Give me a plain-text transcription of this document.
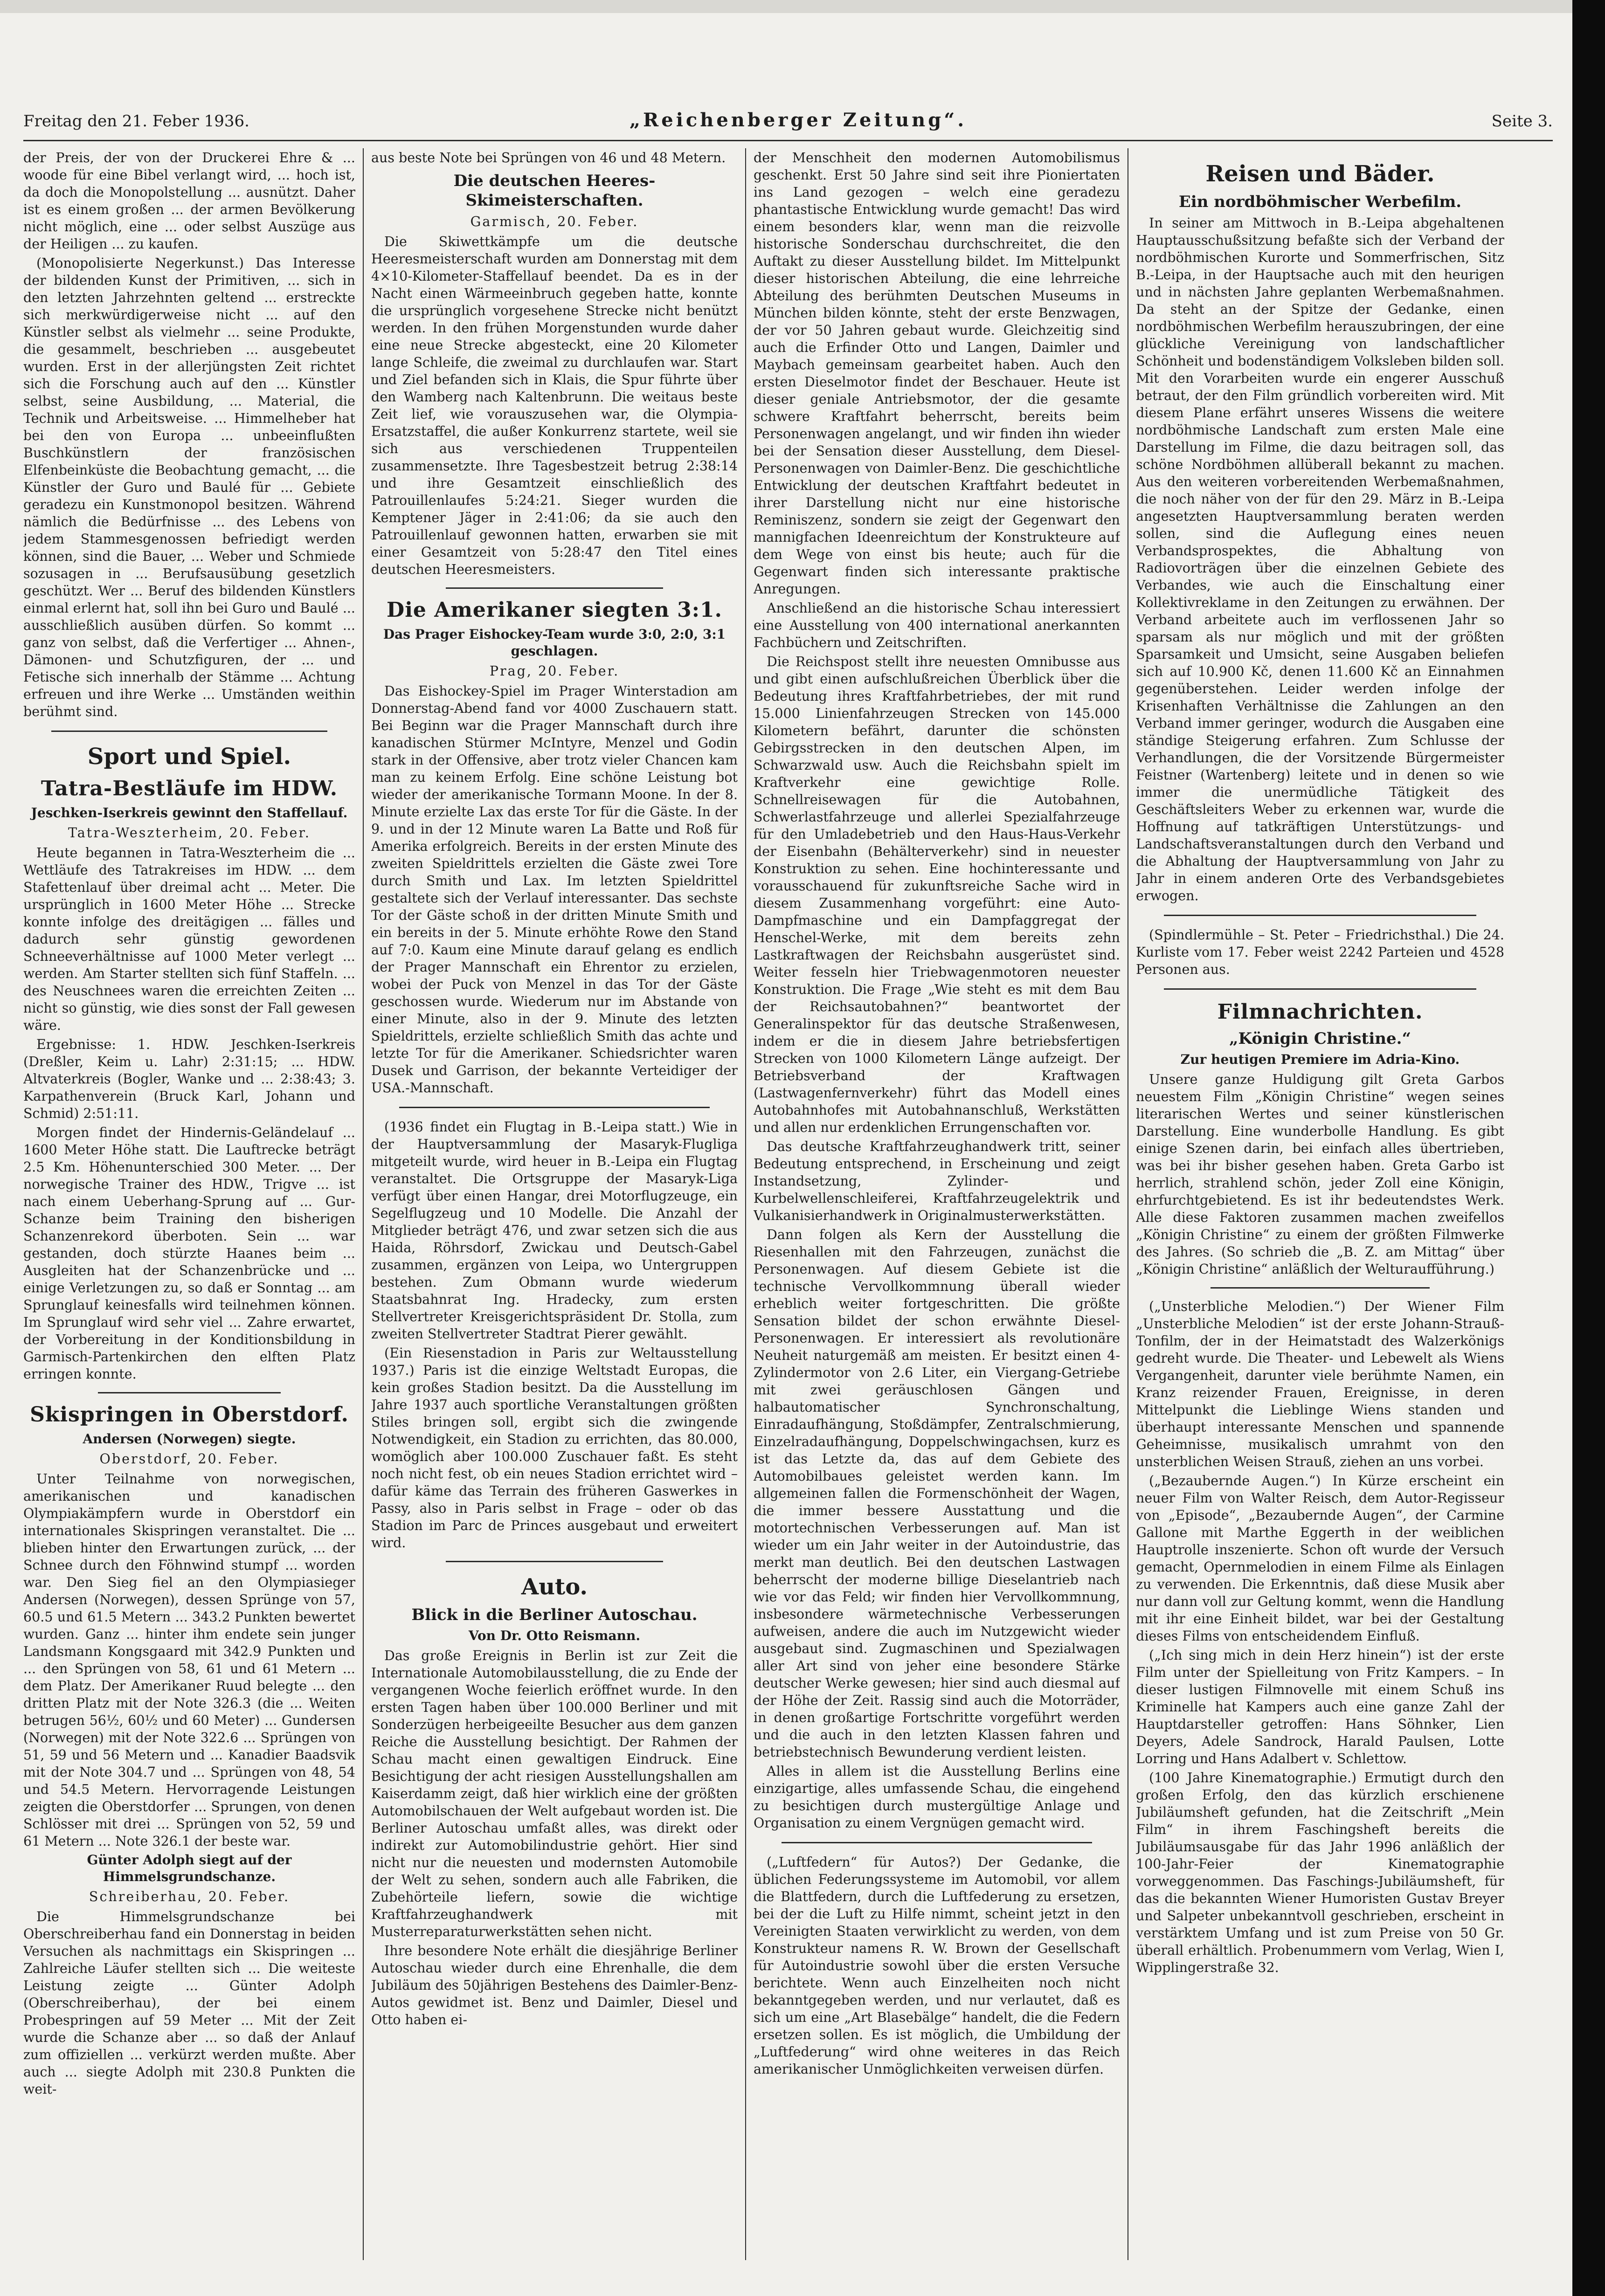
Freitag den 21. Feber 1936.	„Reichenberger Zeitung“.	Seite 3.

der Preis, der von der Druckerei Ehre & ... woode für eine Bibel verlangt wird, ... hoch ist, da doch die Monopolstellung ... ausnützt. Daher ist es einem großen ... der armen Bevölkerung nicht möglich, eine ... oder selbst Auszüge aus der Heiligen ... zu kaufen.

(Monopolisierte Negerkunst.) Das Interesse der bildenden Kunst der Primitiven, ... sich in den letzten Jahrzehnten geltend ... erstreckte sich merkwürdigerweise nicht ... auf den Künstler selbst als vielmehr ... seine Produkte, die gesammelt, beschrieben ... ausgebeutet wurden. Erst in der allerjüngsten Zeit richtet sich die Forschung auch auf den ... Künstler selbst, seine Ausbildung, ... Material, die Technik und Arbeitsweise. ... Himmelheber hat bei den von Europa ... unbeeinflußten Buschkünstlern der französischen Elfenbeinküste die Beobachtung gemacht, ... die Künstler der Guro und Baulé für ... Gebiete geradezu ein Kunstmonopol besitzen. Während nämlich die Bedürfnisse ... des Lebens von jedem Stammesgenossen befriedigt werden können, sind die Bauer, ... Weber und Schmiede sozusagen in ... Berufsausübung gesetzlich geschützt. Wer ... Beruf des bildenden Künstlers einmal erlernt hat, soll ihn bei Guro und Baulé ... ausschließlich ausüben dürfen. So kommt ... ganz von selbst, daß die Verfertiger ... Ahnen-, Dämonen- und Schutzfiguren, der ... und Fetische sich innerhalb der Stämme ... Achtung erfreuen und ihre Werke ... Umständen weithin berühmt sind.

Sport und Spiel.
Tatra-Bestläufe im HDW.
Jeschken-Iserkreis gewinnt den Staffellauf.
Tatra-Weszterheim, 20. Feber.

Heute begannen in Tatra-Weszterheim die ... Wettläufe des Tatrakreises im HDW. ... dem Stafettenlauf über dreimal acht ... Meter. Die ursprünglich in 1600 Meter Höhe ... Strecke konnte infolge des dreitägigen ... fälles und dadurch sehr günstig gewordenen Schneeverhältnisse auf 1000 Meter verlegt ... werden. Am Starter stellten sich fünf Staffeln. ... des Neuschnees waren die erreichten Zeiten ... nicht so günstig, wie dies sonst der Fall gewesen wäre.

Ergebnisse: 1. HDW. Jeschken-Iserkreis (Dreßler, Keim u. Lahr) 2:31:15; ... HDW. Altvaterkreis (Bogler, Wanke und ... 2:38:43; 3. Karpathenverein (Bruck Karl, Johann und Schmid) 2:51:11.

Morgen findet der Hindernis-Geländelauf ... 1600 Meter Höhe statt. Die Lauftrecke beträgt 2.5 Km. Höhenunterschied 300 Meter. ... Der norwegische Trainer des HDW., Trigve ... ist nach einem Ueberhang-Sprung auf ... Gur-Schanze beim Training den bisherigen Schanzenrekord überboten. Sein ... war gestanden, doch stürzte Haanes beim ... Ausgleiten hat der Schanzenbrücke und ... einige Verletzungen zu, so daß er Sonntag ... am Sprunglauf keinesfalls wird teilnehmen können. Im Sprunglauf wird sehr viel ... Zahre erwartet, der Vorbereitung in der Konditionsbildung in Garmisch-Partenkirchen den elften Platz erringen konnte.

Skispringen in Oberstdorf.
Andersen (Norwegen) siegte.
Oberstdorf, 20. Feber.

Unter Teilnahme von norwegischen, amerikanischen und kanadischen Olympiakämpfern wurde in Oberstdorf ein internationales Skispringen veranstaltet. Die ... blieben hinter den Erwartungen zurück, ... der Schnee durch den Föhnwind stumpf ... worden war. Den Sieg fiel an den Olympiasieger Andersen (Norwegen), dessen Sprünge von 57, 60.5 und 61.5 Metern ... 343.2 Punkten bewertet wurden. Ganz ... hinter ihm endete sein junger Landsmann Kongsgaard mit 342.9 Punkten und ... den Sprüngen von 58, 61 und 61 Metern ... dem Platz. Der Amerikaner Ruud belegte ... den dritten Platz mit der Note 326.3 (die ... Weiten betrugen 56½, 60½ und 60 Meter) ... Gundersen (Norwegen) mit der Note 322.6 ... Sprüngen von 51, 59 und 56 Metern und ... Kanadier Baadsvik mit der Note 304.7 und ... Sprüngen von 48, 54 und 54.5 Metern. Hervorragende Leistungen zeigten die Oberstdorfer ... Sprungen, von denen Schlösser mit drei ... Sprüngen von 52, 59 und 61 Metern ... Note 326.1 der beste war.

Günter Adolph siegt auf der Himmelsgrundschanze.
Schreiberhau, 20. Feber.

Die Himmelsgrundschanze bei Oberschreiberhau fand ein Donnerstag in beiden Versuchen als nachmittags ein Skispringen ... Zahlreiche Läufer stellten sich ... Die weiteste Leistung zeigte ... Günter Adolph (Oberschreiberhau), der bei einem Probespringen auf 59 Meter ... Mit der Zeit wurde die Schanze aber ... so daß der Anlauf zum offiziellen ... verkürzt werden mußte. Aber auch ... siegte Adolph mit 230.8 Punkten die weit-

aus beste Note bei Sprüngen von 46 und 48 Metern.

Die deutschen Heeres-Skimeisterschaften.
Garmisch, 20. Feber.

Die Skiwettkämpfe um die deutsche Heeresmeisterschaft wurden am Donnerstag mit dem 4×10-Kilometer-Staffellauf beendet. Da es in der Nacht einen Wärmeeinbruch gegeben hatte, konnte die ursprünglich vorgesehene Strecke nicht benützt werden. In den frühen Morgenstunden wurde daher eine neue Strecke abgesteckt, eine 20 Kilometer lange Schleife, die zweimal zu durchlaufen war. Start und Ziel befanden sich in Klais, die Spur führte über den Wamberg nach Kaltenbrunn. Die weitaus beste Zeit lief, wie vorauszusehen war, die Olympia-Ersatzstaffel, die außer Konkurrenz startete, weil sie sich aus verschiedenen Truppenteilen zusammensetzte. Ihre Tagesbestzeit betrug 2:38:14 und ihre Gesamtzeit einschließlich des Patrouillenlaufes 5:24:21. Sieger wurden die Kemptener Jäger in 2:41:06; da sie auch den Patrouillenlauf gewonnen hatten, erwarben sie mit einer Gesamtzeit von 5:28:47 den Titel eines deutschen Heeresmeisters.

Die Amerikaner siegten 3:1.
Das Prager Eishockey-Team wurde 3:0, 2:0, 3:1 geschlagen.
Prag, 20. Feber.

Das Eishockey-Spiel im Prager Winterstadion am Donnerstag-Abend fand vor 4000 Zuschauern statt. Bei Beginn war die Prager Mannschaft durch ihre kanadischen Stürmer McIntyre, Menzel und Godin stark in der Offensive, aber trotz vieler Chancen kam man zu keinem Erfolg. Eine schöne Leistung bot wieder der amerikanische Tormann Moone. In der 8. Minute erzielte Lax das erste Tor für die Gäste. In der 9. und in der 12 Minute waren La Batte und Roß für Amerika erfolgreich. Bereits in der ersten Minute des zweiten Spieldrittels erzielten die Gäste zwei Tore durch Smith und Lax. Im letzten Spieldrittel gestaltete sich der Verlauf interessanter. Das sechste Tor der Gäste schoß in der dritten Minute Smith und ein bereits in der 5. Minute erhöhte Rowe den Stand auf 7:0. Kaum eine Minute darauf gelang es endlich der Prager Mannschaft ein Ehrentor zu erzielen, wobei der Puck von Menzel in das Tor der Gäste geschossen wurde. Wiederum nur im Abstande von einer Minute, also in der 9. Minute des letzten Spieldrittels, erzielte schließlich Smith das achte und letzte Tor für die Amerikaner. Schiedsrichter waren Dusek und Garrison, der bekannte Verteidiger der USA.-Mannschaft.

(1936 findet ein Flugtag in B.-Leipa statt.) Wie in der Hauptversammlung der Masaryk-Flugliga mitgeteilt wurde, wird heuer in B.-Leipa ein Flugtag veranstaltet. Die Ortsgruppe der Masaryk-Liga verfügt über einen Hangar, drei Motorflugzeuge, ein Segelflugzeug und 10 Modelle. Die Anzahl der Mitglieder beträgt 476, und zwar setzen sich die aus Haida, Röhrsdorf, Zwickau und Deutsch-Gabel zusammen, ergänzen von Leipa, wo Untergruppen bestehen. Zum Obmann wurde wiederum Staatsbahnrat Ing. Hradecky, zum ersten Stellvertreter Kreisgerichtspräsident Dr. Stolla, zum zweiten Stellvertreter Stadtrat Pierer gewählt.

(Ein Riesenstadion in Paris zur Weltausstellung 1937.) Paris ist die einzige Weltstadt Europas, die kein großes Stadion besitzt. Da die Ausstellung im Jahre 1937 auch sportliche Veranstaltungen größten Stiles bringen soll, ergibt sich die zwingende Notwendigkeit, ein Stadion zu errichten, das 80.000, womöglich aber 100.000 Zuschauer faßt. Es steht noch nicht fest, ob ein neues Stadion errichtet wird – dafür käme das Terrain des früheren Gaswerkes in Passy, also in Paris selbst in Frage – oder ob das Stadion im Parc de Princes ausgebaut und erweitert wird.

Auto.
Blick in die Berliner Autoschau.
Von Dr. Otto Reismann.

Das große Ereignis in Berlin ist zur Zeit die Internationale Automobilausstellung, die zu Ende der vergangenen Woche feierlich eröffnet wurde. In den ersten Tagen haben über 100.000 Berliner und mit Sonderzügen herbeigeeilte Besucher aus dem ganzen Reiche die Ausstellung besichtigt. Der Rahmen der Schau macht einen gewaltigen Eindruck. Eine Besichtigung der acht riesigen Ausstellungshallen am Kaiserdamm zeigt, daß hier wirklich eine der größten Automobilschauen der Welt aufgebaut worden ist. Die Berliner Autoschau umfaßt alles, was direkt oder indirekt zur Automobilindustrie gehört. Hier sind nicht nur die neuesten und modernsten Automobile der Welt zu sehen, sondern auch alle Fabriken, die Zubehörteile liefern, sowie die wichtige Kraftfahrzeughandwerk mit Musterreparaturwerkstätten sehen nicht.

Ihre besondere Note erhält die diesjährige Berliner Autoschau wieder durch eine Ehrenhalle, die dem Jubiläum des 50jährigen Bestehens des Daimler-Benz-Autos gewidmet ist. Benz und Daimler, Diesel und Otto haben ei-

der Menschheit den modernen Automobilismus geschenkt. Erst 50 Jahre sind seit ihre Pioniertaten ins Land gezogen – welch eine geradezu phantastische Entwicklung wurde gemacht! Das wird einem besonders klar, wenn man die reizvolle historische Sonderschau durchschreitet, die den Auftakt zu dieser Ausstellung bildet. Im Mittelpunkt dieser historischen Abteilung, die eine lehrreiche Abteilung des berühmten Deutschen Museums in München bilden könnte, steht der erste Benzwagen, der vor 50 Jahren gebaut wurde. Gleichzeitig sind auch die Erfinder Otto und Langen, Daimler und Maybach gemeinsam gearbeitet haben. Auch den ersten Dieselmotor findet der Beschauer. Heute ist dieser geniale Antriebsmotor, der die gesamte schwere Kraftfahrt beherrscht, bereits beim Personenwagen angelangt, und wir finden ihn wieder bei der Sensation dieser Ausstellung, dem Diesel-Personenwagen von Daimler-Benz. Die geschichtliche Entwicklung der deutschen Kraftfahrt bedeutet in ihrer Darstellung nicht nur eine historische Reminiszenz, sondern sie zeigt der Gegenwart den mannigfachen Ideenreichtum der Konstrukteure auf dem Wege von einst bis heute; auch für die Gegenwart finden sich interessante praktische Anregungen.

Anschließend an die historische Schau interessiert eine Ausstellung von 400 international anerkannten Fachbüchern und Zeitschriften.

Die Reichspost stellt ihre neuesten Omnibusse aus und gibt einen aufschlußreichen Überblick über die Bedeutung ihres Kraftfahrbetriebes, der mit rund 15.000 Linienfahrzeugen Strecken von 145.000 Kilometern befährt, darunter die schönsten Gebirgsstrecken in den deutschen Alpen, im Schwarzwald usw. Auch die Reichsbahn spielt im Kraftverkehr eine gewichtige Rolle. Schnellreisewagen für die Autobahnen, Schwerlastfahrzeuge und allerlei Spezialfahrzeuge für den Umladebetrieb und den Haus-Haus-Verkehr der Eisenbahn (Behälterverkehr) sind in neuester Konstruktion zu sehen. Eine hochinteressante und vorausschauend für zukunftsreiche Sache wird in diesem Zusammenhang vorgeführt: eine Auto-Dampfmaschine und ein Dampfaggregat der Henschel-Werke, mit dem bereits zehn Lastkraftwagen der Reichsbahn ausgerüstet sind. Weiter fesseln hier Triebwagenmotoren neuester Konstruktion. Die Frage „Wie steht es mit dem Bau der Reichsautobahnen?“ beantwortet der Generalinspektor für das deutsche Straßenwesen, indem er die in diesem Jahre betriebsfertigen Strecken von 1000 Kilometern Länge aufzeigt. Der Betriebsverband der Kraftwagen (Lastwagenfernverkehr) führt das Modell eines Autobahnhofes mit Autobahnanschluß, Werkstätten und allen nur erdenklichen Errungenschaften vor.

Das deutsche Kraftfahrzeughandwerk tritt, seiner Bedeutung entsprechend, in Erscheinung und zeigt Instandsetzung, Zylinder- und Kurbelwellenschleiferei, Kraftfahrzeugelektrik und Vulkanisierhandwerk in Originalmusterwerkstätten.

Dann folgen als Kern der Ausstellung die Riesenhallen mit den Fahrzeugen, zunächst die Personenwagen. Auf diesem Gebiete ist die technische Vervollkommnung überall wieder erheblich weiter fortgeschritten. Die größte Sensation bildet der schon erwähnte Diesel-Personenwagen. Er interessiert als revolutionäre Neuheit naturgemäß am meisten. Er besitzt einen 4-Zylindermotor von 2.6 Liter, ein Viergang-Getriebe mit zwei geräuschlosen Gängen und halbautomatischer Synchronschaltung, Einradaufhängung, Stoßdämpfer, Zentralschmierung, Einzelradaufhängung, Doppelschwingachsen, kurz es ist das Letzte da, das auf dem Gebiete des Automobilbaues geleistet werden kann. Im allgemeinen fallen die Formenschönheit der Wagen, die immer bessere Ausstattung und die motortechnischen Verbesserungen auf. Man ist wieder um ein Jahr weiter in der Autoindustrie, das merkt man deutlich. Bei den deutschen Lastwagen beherrscht der moderne billige Dieselantrieb nach wie vor das Feld; wir finden hier Vervollkommnung, insbesondere wärmetechnische Verbesserungen aufweisen, andere die auch im Nutzgewicht wieder ausgebaut sind. Zugmaschinen und Spezialwagen aller Art sind von jeher eine besondere Stärke deutscher Werke gewesen; hier sind auch diesmal auf der Höhe der Zeit. Rassig sind auch die Motorräder, in denen großartige Fortschritte vorgeführt werden und die auch in den letzten Klassen fahren und betriebstechnisch Bewunderung verdient leisten.

Alles in allem ist die Ausstellung Berlins eine einzigartige, alles umfassende Schau, die eingehend zu besichtigen durch mustergültige Anlage und Organisation zu einem Vergnügen gemacht wird.

(„Luftfedern“ für Autos?) Der Gedanke, die üblichen Federungssysteme im Automobil, vor allem die Blattfedern, durch die Luftfederung zu ersetzen, bei der die Luft zu Hilfe nimmt, scheint jetzt in den Vereinigten Staaten verwirklicht zu werden, von dem Konstrukteur namens R. W. Brown der Gesellschaft für Autoindustrie sowohl über die ersten Versuche berichtete. Wenn auch Einzelheiten noch nicht bekanntgegeben werden, und nur verlautet, daß es sich um eine „Art Blasebälge“ handelt, die die Federn ersetzen sollen. Es ist möglich, die Umbildung der „Luftfederung“ wird ohne weiteres in das Reich amerikanischer Unmöglichkeiten verweisen dürfen.

Reisen und Bäder.
Ein nordböhmischer Werbefilm.

In seiner am Mittwoch in B.-Leipa abgehaltenen Hauptausschußsitzung befaßte sich der Verband der nordböhmischen Kurorte und Sommerfrischen, Sitz B.-Leipa, in der Hauptsache auch mit den heurigen und in nächsten Jahre geplanten Werbemaßnahmen. Da steht an der Spitze der Gedanke, einen nordböhmischen Werbefilm herauszubringen, der eine glückliche Vereinigung von landschaftlicher Schönheit und bodenständigem Volksleben bilden soll. Mit den Vorarbeiten wurde ein engerer Ausschuß betraut, der den Film gründlich vorbereiten wird. Mit diesem Plane erfährt unseres Wissens die weitere nordböhmische Landschaft zum ersten Male eine Darstellung im Filme, die dazu beitragen soll, das schöne Nordböhmen allüberall bekannt zu machen. Aus den weiteren vorbereitenden Werbemaßnahmen, die noch näher von der für den 29. März in B.-Leipa angesetzten Hauptversammlung beraten werden sollen, sind die Auflegung eines neuen Verbandsprospektes, die Abhaltung von Radiovorträgen über die einzelnen Gebiete des Verbandes, wie auch die Einschaltung einer Kollektivreklame in den Zeitungen zu erwähnen. Der Verband arbeitete auch im verflossenen Jahr so sparsam als nur möglich und mit der größten Sparsamkeit und Umsicht, seine Ausgaben beliefen sich auf 10.900 Kč, denen 11.600 Kč an Einnahmen gegenüberstehen. Leider werden infolge der Krisenhaften Verhältnisse die Zahlungen an den Verband immer geringer, wodurch die Ausgaben eine ständige Steigerung erfahren. Zum Schlusse der Verhandlungen, die der Vorsitzende Bürgermeister Feistner (Wartenberg) leitete und in denen so wie immer die unermüdliche Tätigkeit des Geschäftsleiters Weber zu erkennen war, wurde die Hoffnung auf tatkräftigen Unterstützungs- und Landschaftsveranstaltungen durch den Verband und die Abhaltung der Hauptversammlung von Jahr zu Jahr in einem anderen Orte des Verbandsgebietes erwogen.

(Spindlermühle – St. Peter – Friedrichsthal.) Die 24. Kurliste vom 17. Feber weist 2242 Parteien und 4528 Personen aus.

Filmnachrichten.
„Königin Christine.“
Zur heutigen Premiere im Adria-Kino.

Unsere ganze Huldigung gilt Greta Garbos neuestem Film „Königin Christine“ wegen seines literarischen Wertes und seiner künstlerischen Darstellung. Eine wunderbolle Handlung. Es gibt einige Szenen darin, bei einfach alles übertrieben, was bei ihr bisher gesehen haben. Greta Garbo ist herrlich, strahlend schön, jeder Zoll eine Königin, ehrfurchtgebietend. Es ist ihr bedeutendstes Werk. Alle diese Faktoren zusammen machen zweifellos „Königin Christine“ zu einem der größten Filmwerke des Jahres. (So schrieb die „B. Z. am Mittag“ über „Königin Christine“ anläßlich der Welturaufführung.)

(„Unsterbliche Melodien.“) Der Wiener Film „Unsterbliche Melodien“ ist der erste Johann-Strauß-Tonfilm, der in der Heimatstadt des Walzerkönigs gedreht wurde. Die Theater- und Lebewelt als Wiens Vergangenheit, darunter viele berühmte Namen, ein Kranz reizender Frauen, Ereignisse, in deren Mittelpunkt die Lieblinge Wiens standen und überhaupt interessante Menschen und spannende Geheimnisse, musikalisch umrahmt von den unsterblichen Weisen Strauß, ziehen an uns vorbei.

(„Bezaubernde Augen.“) In Kürze erscheint ein neuer Film von Walter Reisch, dem Autor-Regisseur von „Episode“, „Bezaubernde Augen“, der Carmine Gallone mit Marthe Eggerth in der weiblichen Hauptrolle inszenierte. Schon oft wurde der Versuch gemacht, Opernmelodien in einem Filme als Einlagen zu verwenden. Die Erkenntnis, daß diese Musik aber nur dann voll zur Geltung kommt, wenn die Handlung mit ihr eine Einheit bildet, war bei der Gestaltung dieses Films von entscheidendem Einfluß.

(„Ich sing mich in dein Herz hinein“) ist der erste Film unter der Spielleitung von Fritz Kampers. – In dieser lustigen Filmnovelle mit einem Schuß ins Kriminelle hat Kampers auch eine ganze Zahl der Hauptdarsteller getroffen: Hans Söhnker, Lien Deyers, Adele Sandrock, Harald Paulsen, Lotte Lorring und Hans Adalbert v. Schlettow.

(100 Jahre Kinematographie.) Ermutigt durch den großen Erfolg, den das kürzlich erschienene Jubiläumsheft gefunden, hat die Zeitschrift „Mein Film“ in ihrem Faschingsheft bereits die Jubiläumsausgabe für das Jahr 1996 anläßlich der 100-Jahr-Feier der Kinematographie vorweggenommen. Das Faschings-Jubiläumsheft, für das die bekannten Wiener Humoristen Gustav Breyer und Salpeter unbekanntvoll geschrieben, erscheint in verstärktem Umfang und ist zum Preise von 50 Gr. überall erhältlich. Probenummern vom Verlag, Wien I, Wipplingerstraße 32.
